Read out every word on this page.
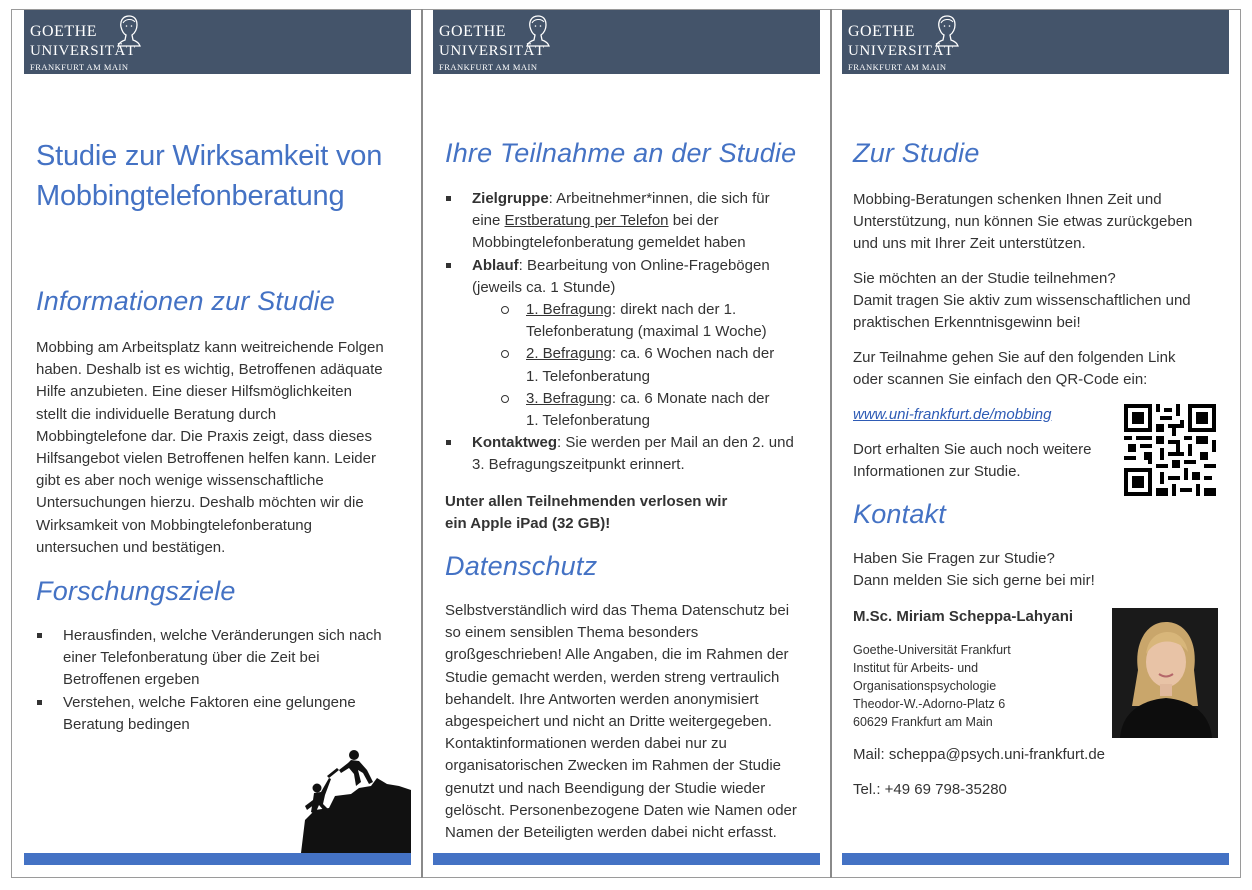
GOETHE
UNIVERSITÄT
FRANKFURT AM MAIN
Studie zur Wirksamkeit von
Mobbingtelefonberatung
Informationen zur Studie
Mobbing am Arbeitsplatz kann weitreichende Folgen
haben. Deshalb ist es wichtig, Betroffenen adäquate
Hilfe anzubieten. Eine dieser Hilfsmöglichkeiten
stellt die individuelle Beratung durch
Mobbingtelefone dar. Die Praxis zeigt, dass dieses
Hilfsangebot vielen Betroffenen helfen kann. Leider
gibt es aber noch wenige wissenschaftliche
Untersuchungen hierzu. Deshalb möchten wir die
Wirksamkeit von Mobbingtelefonberatung
untersuchen und bestätigen.
Forschungsziele
Herausfinden, welche Veränderungen sich nach
einer Telefonberatung über die Zeit bei
Betroffenen ergeben
Verstehen, welche Faktoren eine gelungene
Beratung bedingen
GOETHE
UNIVERSITÄT
FRANKFURT AM MAIN
Ihre Teilnahme an der Studie
Zielgruppe: Arbeitnehmer*innen, die sich für
eine Erstberatung per Telefon bei der
Mobbingtelefonberatung gemeldet haben
Ablauf: Bearbeitung von Online-Fragebögen
(jeweils ca. 1 Stunde)
1. Befragung: direkt nach der 1.
Telefonberatung (maximal 1 Woche)
2. Befragung: ca. 6 Wochen nach der
1. Telefonberatung
3. Befragung: ca. 6 Monate nach der
1. Telefonberatung
Kontaktweg: Sie werden per Mail an den 2. und
3. Befragungszeitpunkt erinnert.
Unter allen Teilnehmenden verlosen wir
ein Apple iPad (32 GB)!
Datenschutz
Selbstverständlich wird das Thema Datenschutz bei
so einem sensiblen Thema besonders
großgeschrieben! Alle Angaben, die im Rahmen der
Studie gemacht werden, werden streng vertraulich
behandelt. Ihre Antworten werden anonymisiert
abgespeichert und nicht an Dritte weitergegeben.
Kontaktinformationen werden dabei nur zu
organisatorischen Zwecken im Rahmen der Studie
genutzt und nach Beendigung der Studie wieder
gelöscht. Personenbezogene Daten wie Namen oder
Namen der Beteiligten werden dabei nicht erfasst.
GOETHE
UNIVERSITÄT
FRANKFURT AM MAIN
Zur Studie
Mobbing-Beratungen schenken Ihnen Zeit und
Unterstützung, nun können Sie etwas zurückgeben
und uns mit Ihrer Zeit unterstützen.
Sie möchten an der Studie teilnehmen?
Damit tragen Sie aktiv zum wissenschaftlichen und
praktischen Erkenntnisgewinn bei!
Zur Teilnahme gehen Sie auf den folgenden Link
oder scannen Sie einfach den QR-Code ein:
www.uni-frankfurt.de/mobbing
Dort erhalten Sie auch noch weitere
Informationen zur Studie.
Kontakt
Haben Sie Fragen zur Studie?
Dann melden Sie sich gerne bei mir!
M.Sc. Miriam Scheppa-Lahyani
Goethe-Universität Frankfurt
Institut für Arbeits- und
Organisationspsychologie
Theodor-W.-Adorno-Platz 6
60629 Frankfurt am Main
Mail: scheppa@psych.uni-frankfurt.de
Tel.: +49 69 798-35280
